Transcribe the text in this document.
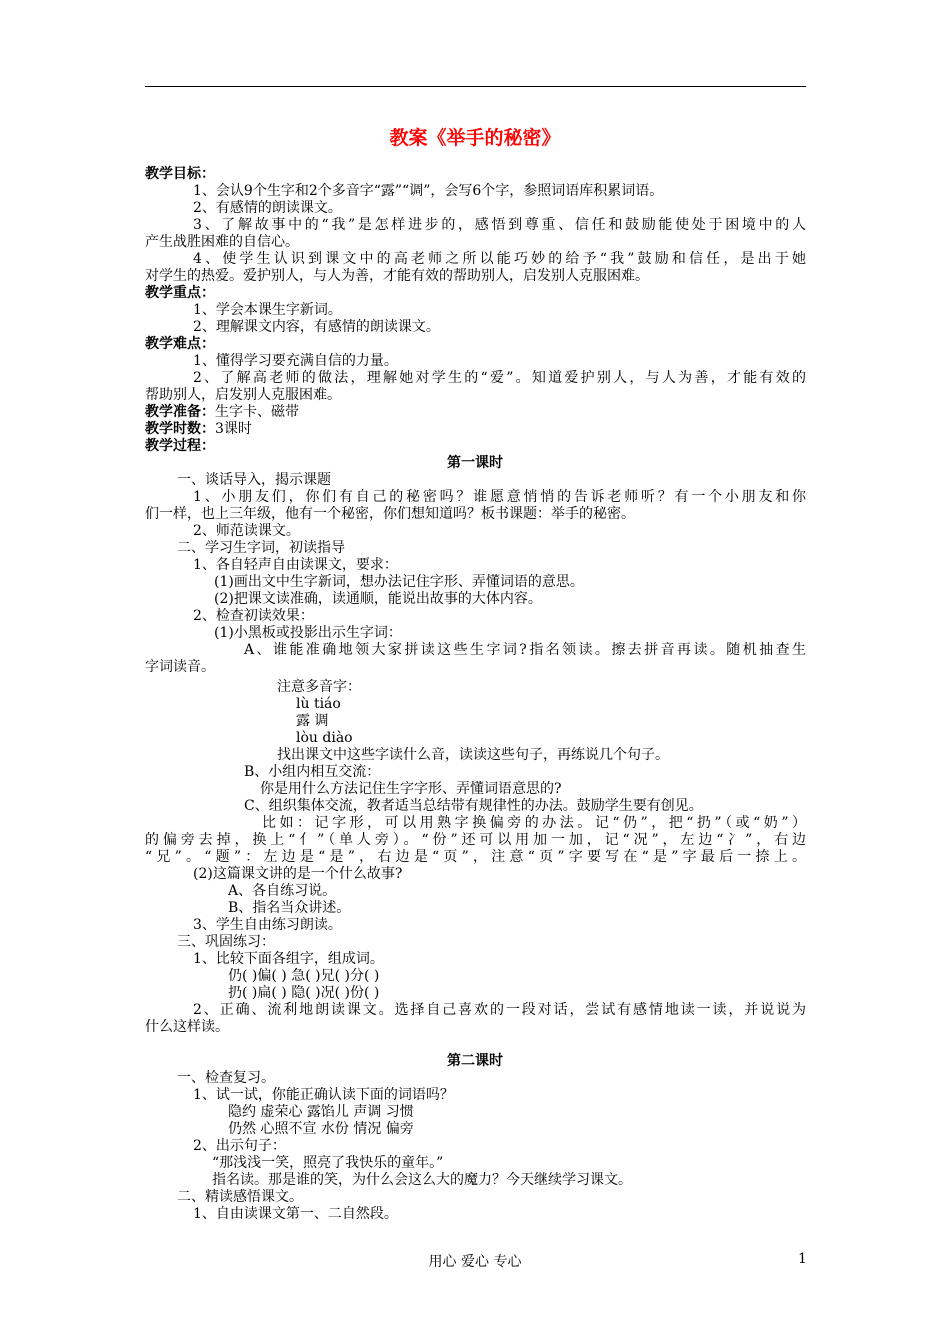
教案《举手的秘密》
教学目标：
1、会认9个生字和2个多音字“露”“调”，会写6个字，参照词语库积累词语。
2、有感情的朗读课文。
3、了解故事中的“我”是怎样进步的，感悟到尊重、信任和鼓励能使处于困境中的人
产生战胜困难的自信心。
4、使学生认识到课文中的高老师之所以能巧妙的给予“我”鼓励和信任，是出于她
对学生的热爱。爱护别人，与人为善，才能有效的帮助别人，启发别人克服困难。
教学重点：
1、学会本课生字新词。
2、理解课文内容，有感情的朗读课文。
教学难点：
1、懂得学习要充满自信的力量。
2、了解高老师的做法，理解她对学生的“爱”。知道爱护别人，与人为善，才能有效的
帮助别人，启发别人克服困难。
教学准备：生字卡、磁带
教学时数：3课时
教学过程：
第一课时
一、谈话导入，揭示课题
1、小朋友们，你们有自己的秘密吗？谁愿意悄悄的告诉老师听？有一个小朋友和你
们一样，也上三年级，他有一个秘密，你们想知道吗？板书课题：举手的秘密。
2、师范读课文。
二、学习生字词，初读指导
1、各自轻声自由读课文，要求：
(1)画出文中生字新词，想办法记住字形、弄懂词语的意思。
(2)把课文读准确，读通顺，能说出故事的大体内容。
2、检查初读效果：
(1)小黑板或投影出示生字词：
A、谁能准确地领大家拼读这些生字词?指名领读。擦去拼音再读。随机抽查生
字词读音。
注意多音字：
lù tiáo
露 调
lòu diào
找出课文中这些字读什么音，读读这些句子，再练说几个句子。
B、小组内相互交流：
你是用什么方法记住生字字形、弄懂词语意思的?
C、组织集体交流，教者适当总结带有规律性的办法。鼓励学生要有创见。
比如：记字形，可以用熟字换偏旁的办法。记“仍”，把“扔”（或“奶”）
的偏旁去掉，换上“亻”（单人旁）。“份”还可以用加一加，记“况”，左边“冫”，右边
“兄”。“题”：左边是“是”，右边是“页”，注意“页”字要写在“是”字最后一捺上。
(2)这篇课文讲的是一个什么故事?
A、各自练习说。
B、指名当众讲述。
3、学生自由练习朗读。
三、巩固练习：
1、比较下面各组字，组成词。
仍( )偏( ) 急( )兄( )分( )
扔( )扁( ) 隐( )况( )份( )
2、正确、流利地朗读课文。选择自己喜欢的一段对话，尝试有感情地读一读，并说说为
什么这样读。
第二课时
一、检查复习。
1、试一试，你能正确认读下面的词语吗？
隐约 虚荣心 露馅儿 声调 习惯
仍然 心照不宣 水份 情况 偏旁
2、出示句子：
“那浅浅一笑，照亮了我快乐的童年。”
指名读。那是谁的笑，为什么会这么大的魔力？今天继续学习课文。
二、精读感悟课文。
1、自由读课文第一、二自然段。
用心 爱心 专心	1
